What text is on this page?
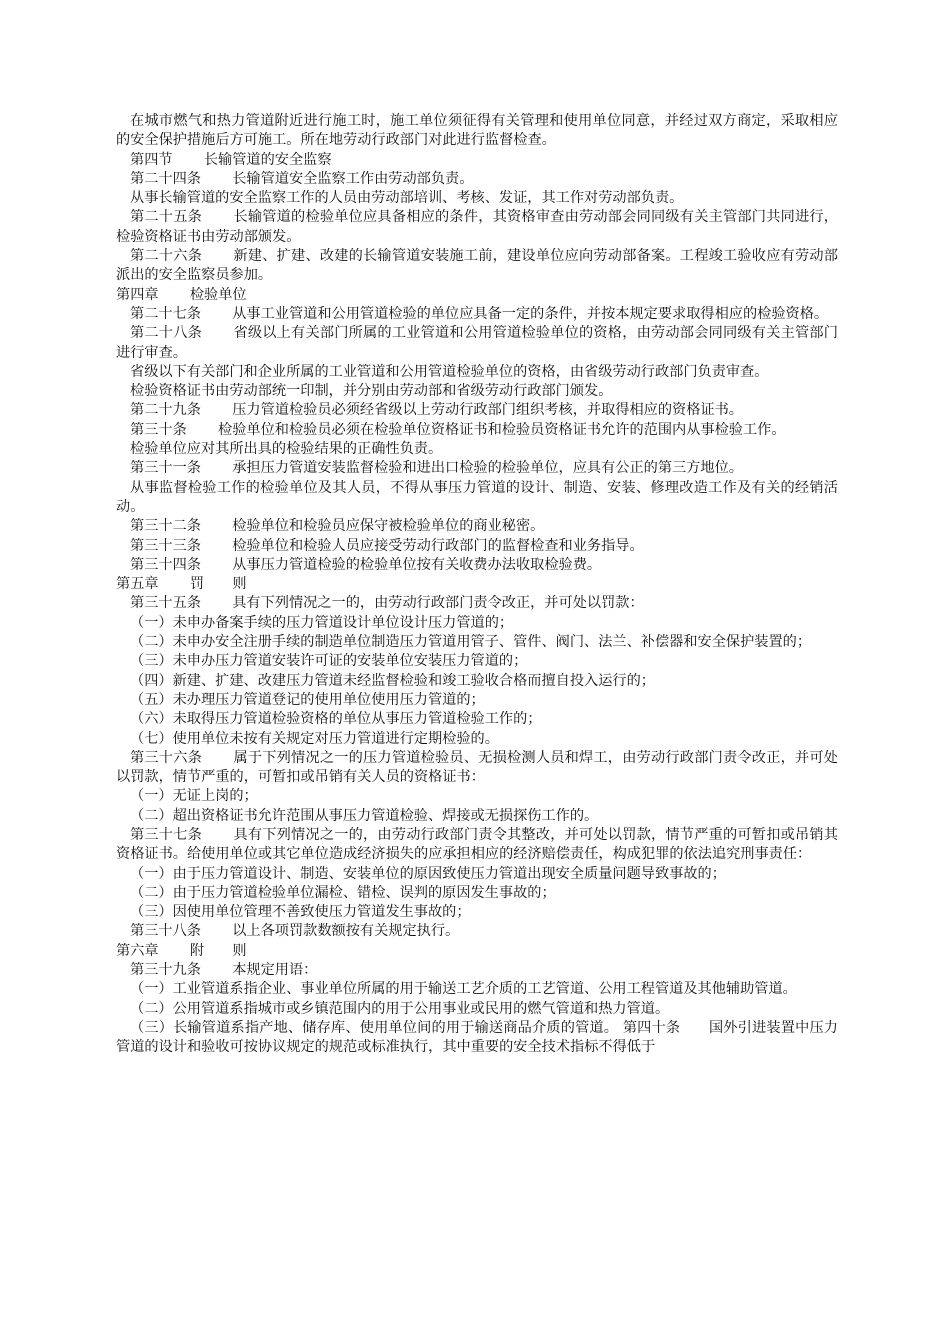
在城市燃气和热力管道附近进行施工时，施工单位须征得有关管理和使用单位同意，并经过双方商定，采取相应的安全保护措施后方可施工。所在地劳动行政部门对此进行监督检查。

第四节 长输管道的安全监察

第二十四条 长输管道安全监察工作由劳动部负责。

从事长输管道的安全监察工作的人员由劳动部培训、考核、发证，其工作对劳动部负责。

第二十五条 长输管道的检验单位应具备相应的条件，其资格审查由劳动部会同同级有关主管部门共同进行，检验资格证书由劳动部颁发。

第二十六条 新建、扩建、改建的长输管道安装施工前，建设单位应向劳动部备案。工程竣工验收应有劳动部派出的安全监察员参加。

第四章 检验单位

第二十七条 从事工业管道和公用管道检验的单位应具备一定的条件，并按本规定要求取得相应的检验资格。

第二十八条 省级以上有关部门所属的工业管道和公用管道检验单位的资格，由劳动部会同同级有关主管部门进行审查。

省级以下有关部门和企业所属的工业管道和公用管道检验单位的资格，由省级劳动行政部门负责审查。

检验资格证书由劳动部统一印制，并分别由劳动部和省级劳动行政部门颁发。

第二十九条 压力管道检验员必须经省级以上劳动行政部门组织考核，并取得相应的资格证书。

第三十条 检验单位和检验员必须在检验单位资格证书和检验员资格证书允许的范围内从事检验工作。

检验单位应对其所出具的检验结果的正确性负责。

第三十一条 承担压力管道安装监督检验和进出口检验的检验单位，应具有公正的第三方地位。

从事监督检验工作的检验单位及其人员，不得从事压力管道的设计、制造、安装、修理改造工作及有关的经销活动。

第三十二条 检验单位和检验员应保守被检验单位的商业秘密。

第三十三条 检验单位和检验人员应接受劳动行政部门的监督检查和业务指导。

第三十四条 从事压力管道检验的检验单位按有关收费办法收取检验费。

第五章 罚　　则

第三十五条 具有下列情况之一的，由劳动行政部门责令改正，并可处以罚款：

（一）未申办备案手续的压力管道设计单位设计压力管道的；

（二）未申办安全注册手续的制造单位制造压力管道用管子、管件、阀门、法兰、补偿器和安全保护装置的；

（三）未申办压力管道安装许可证的安装单位安装压力管道的；

（四）新建、扩建、改建压力管道未经监督检验和竣工验收合格而擅自投入运行的；

（五）未办理压力管道登记的使用单位使用压力管道的；

（六）未取得压力管道检验资格的单位从事压力管道检验工作的；

（七）使用单位未按有关规定对压力管道进行定期检验的。

第三十六条 属于下列情况之一的压力管道检验员、无损检测人员和焊工，由劳动行政部门责令改正，并可处以罚款，情节严重的，可暂扣或吊销有关人员的资格证书：

（一）无证上岗的；

（二）超出资格证书允许范围从事压力管道检验、焊接或无损探伤工作的。

第三十七条 具有下列情况之一的，由劳动行政部门责令其整改，并可处以罚款，情节严重的可暂扣或吊销其资格证书。给使用单位或其它单位造成经济损失的应承担相应的经济赔偿责任，构成犯罪的依法追究刑事责任：

（一）由于压力管道设计、制造、安装单位的原因致使压力管道出现安全质量问题导致事故的；

（二）由于压力管道检验单位漏检、错检、误判的原因发生事故的；

（三）因使用单位管理不善致使压力管道发生事故的；

第三十八条 以上各项罚款数额按有关规定执行。

第六章 附　　则

第三十九条 本规定用语：

（一）工业管道系指企业、事业单位所属的用于输送工艺介质的工艺管道、公用工程管道及其他辅助管道。

（二）公用管道系指城市或乡镇范围内的用于公用事业或民用的燃气管道和热力管道。

（三）长输管道系指产地、储存库、使用单位间的用于输送商品介质的管道。 第四十条　　国外引进装置中压力管道的设计和验收可按协议规定的规范或标准执行，其中重要的安全技术指标不得低于
